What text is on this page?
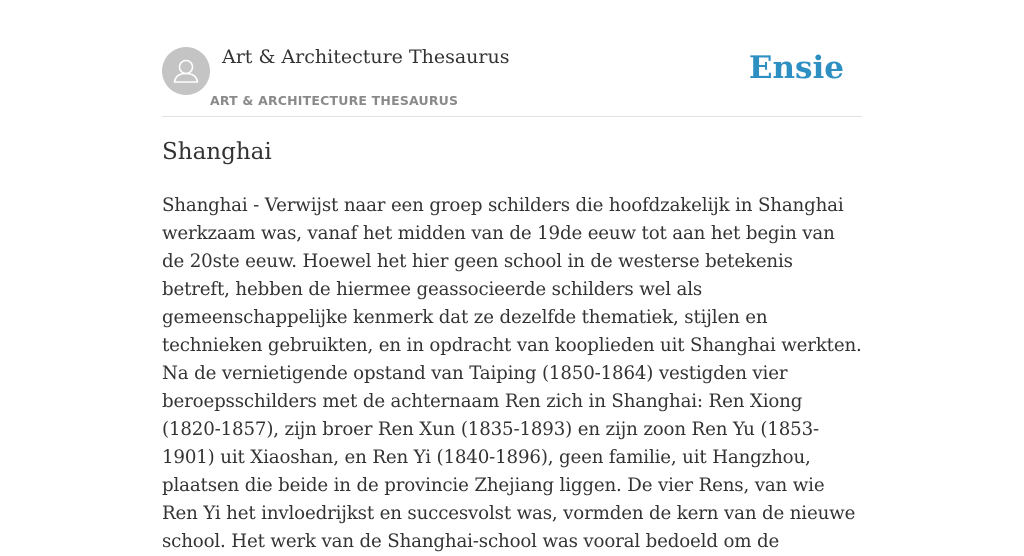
Art & Architecture Thesaurus
ART & ARCHITECTURE THESAURUS
Ensie
Shanghai

Shanghai - Verwijst naar een groep schilders die hoofdzakelijk in Shanghai werkzaam was, vanaf het midden van de 19de eeuw tot aan het begin van de 20ste eeuw. Hoewel het hier geen school in de westerse betekenis betreft, hebben de hiermee geassocieerde schilders wel als gemeenschappelijke kenmerk dat ze dezelfde thematiek, stijlen en technieken gebruikten, en in opdracht van kooplieden uit Shanghai werkten. Na de vernietigende opstand van Taiping (1850-1864) vestigden vier beroepsschilders met de achternaam Ren zich in Shanghai: Ren Xiong (1820-1857), zijn broer Ren Xun (1835-1893) en zijn zoon Ren Yu (1853-1901) uit Xiaoshan, en Ren Yi (1840-1896), geen familie, uit Hangzhou, plaatsen die beide in de provincie Zhejiang liggen. De vier Rens, van wie Ren Yi het invloedrijkst en succesvolst was, vormden de kern van de nieuwe school. Het werk van de Shanghai-school was vooral bedoeld om de
